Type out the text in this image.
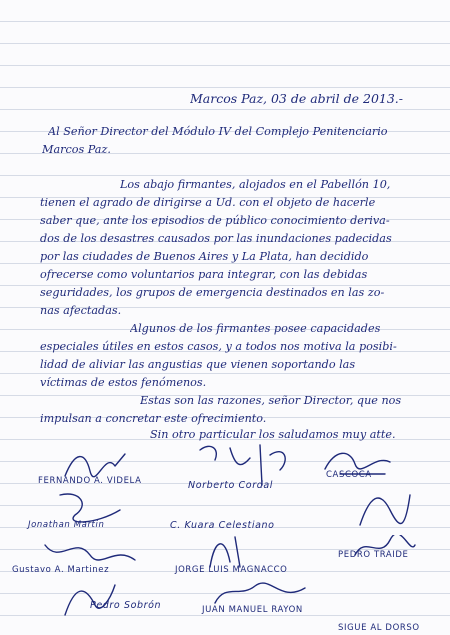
Marcos Paz, 03 de abril de 2013.-
Al Señor Director del Módulo IV del Complejo Penitenciario
Marcos Paz.
Los abajo firmantes, alojados en el Pabellón 10,
tienen el agrado de dirigirse a Ud. con el objeto de hacerle
saber que, ante los episodios de público conocimiento deriva-
dos de los desastres causados por las inundaciones padecidas
por las ciudades de Buenos Aires y La Plata, han decidido
ofrecerse como voluntarios para integrar, con las debidas
seguridades, los grupos de emergencia destinados en las zo-
nas afectadas.
Algunos de los firmantes posee capacidades
especiales útiles en estos casos, y a todos nos motiva la posibi-
lidad de aliviar las angustias que vienen soportando las
víctimas de estos fenómenos.
Estas son las razones, señor Director, que nos
impulsan a concretar este ofrecimiento.
Sin otro particular los saludamos muy atte.
FERNANDO A. VIDELA	Norberto Cordal
CASCOCA
Jonathan Martin	C. Kuara Celestiano
Gustavo A. Martinez	JORGE LUIS MAGNACCO
PEDRO TRAIDE
Pedro Sobrón	JUAN MANUEL RAYON
SIGUE AL DORSO
